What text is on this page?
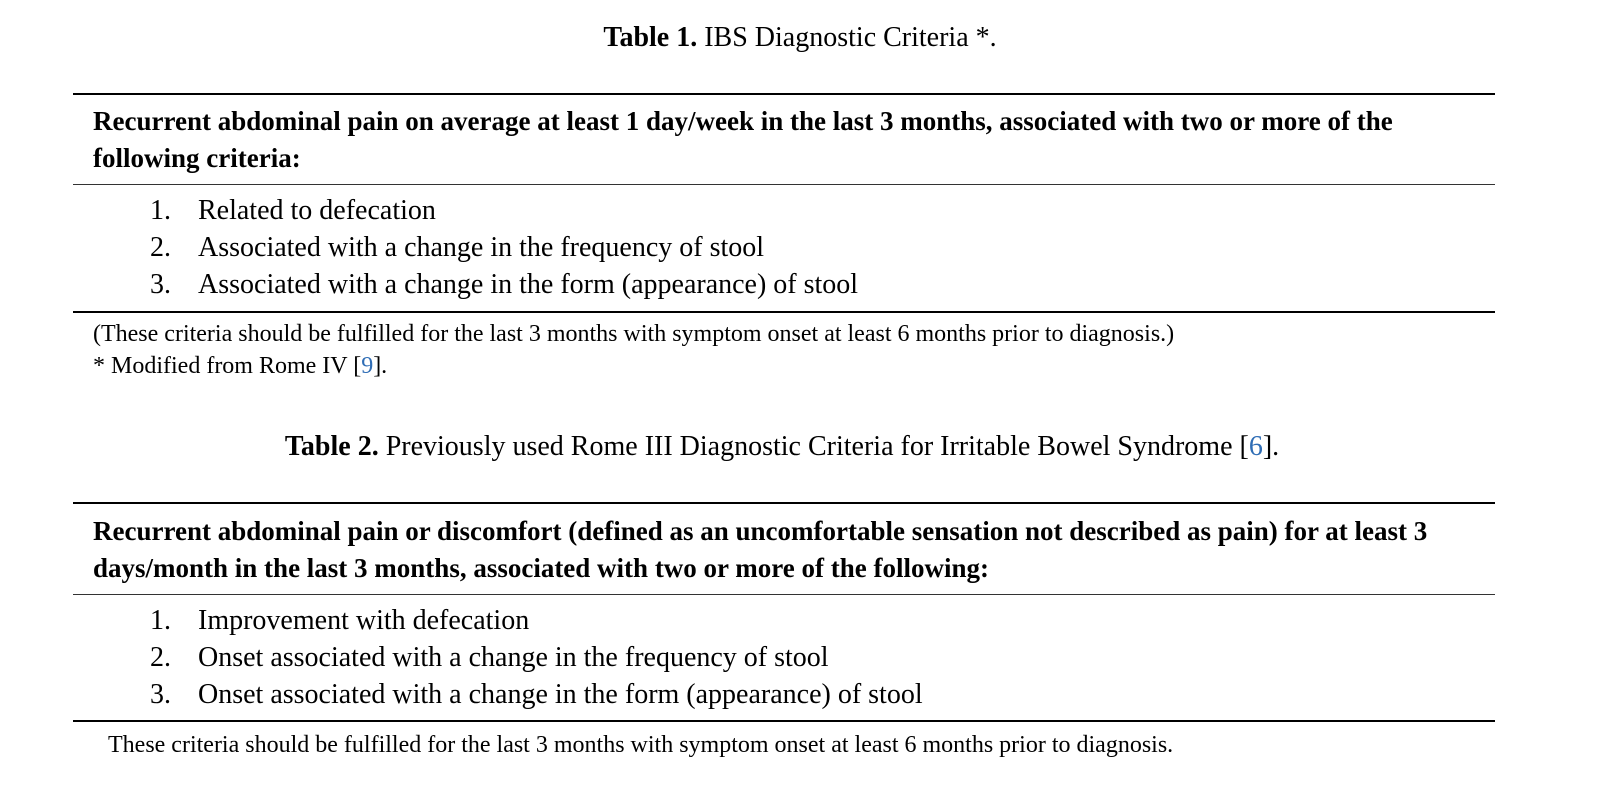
Table 1. IBS Diagnostic Criteria *.
Recurrent abdominal pain on average at least 1 day/week in the last 3 months, associated with two or more of the following criteria:
1. Related to defecation
2. Associated with a change in the frequency of stool
3. Associated with a change in the form (appearance) of stool
(These criteria should be fulfilled for the last 3 months with symptom onset at least 6 months prior to diagnosis.)
* Modified from Rome IV [9].
Table 2. Previously used Rome III Diagnostic Criteria for Irritable Bowel Syndrome [6].
Recurrent abdominal pain or discomfort (defined as an uncomfortable sensation not described as pain) for at least 3 days/month in the last 3 months, associated with two or more of the following:
1. Improvement with defecation
2. Onset associated with a change in the frequency of stool
3. Onset associated with a change in the form (appearance) of stool
These criteria should be fulfilled for the last 3 months with symptom onset at least 6 months prior to diagnosis.
